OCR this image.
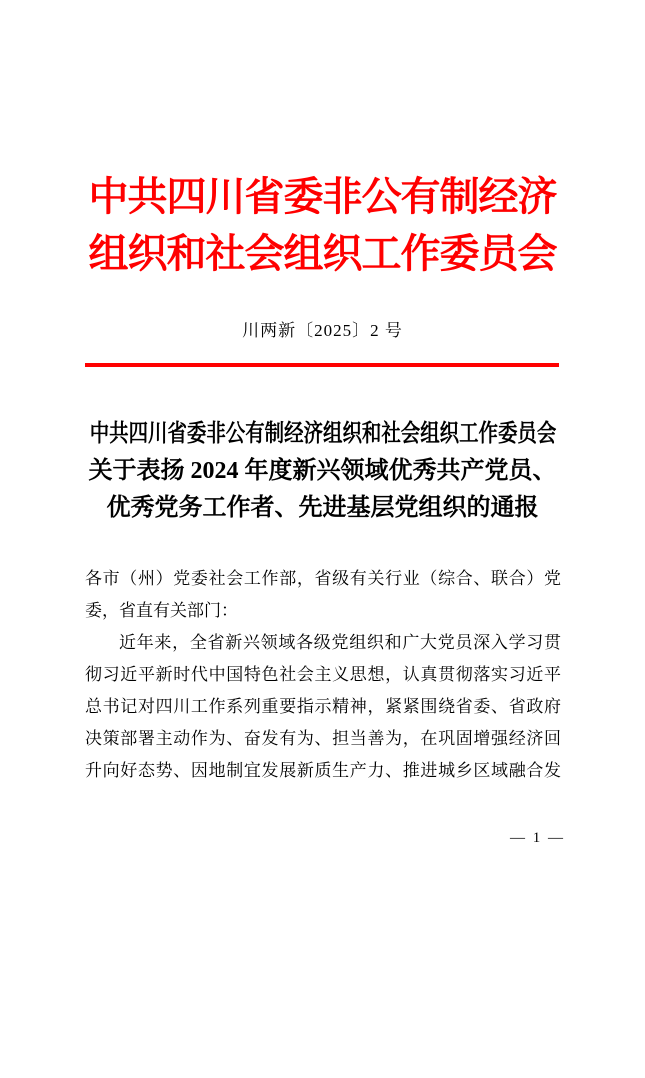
中共四川省委非公有制经济
组织和社会组织工作委员会
川两新〔2025〕2 号
中共四川省委非公有制经济组织和社会组织工作委员会
关于表扬 2024 年度新兴领域优秀共产党员、
优秀党务工作者、先进基层党组织的通报
各市（州）党委社会工作部，省级有关行业（综合、联合）党
委，省直有关部门：
近年来，全省新兴领域各级党组织和广大党员深入学习贯
彻习近平新时代中国特色社会主义思想，认真贯彻落实习近平
总书记对四川工作系列重要指示精神，紧紧围绕省委、省政府
决策部署主动作为、奋发有为、担当善为，在巩固增强经济回
升向好态势、因地制宜发展新质生产力、推进城乡区域融合发
— 1 —
